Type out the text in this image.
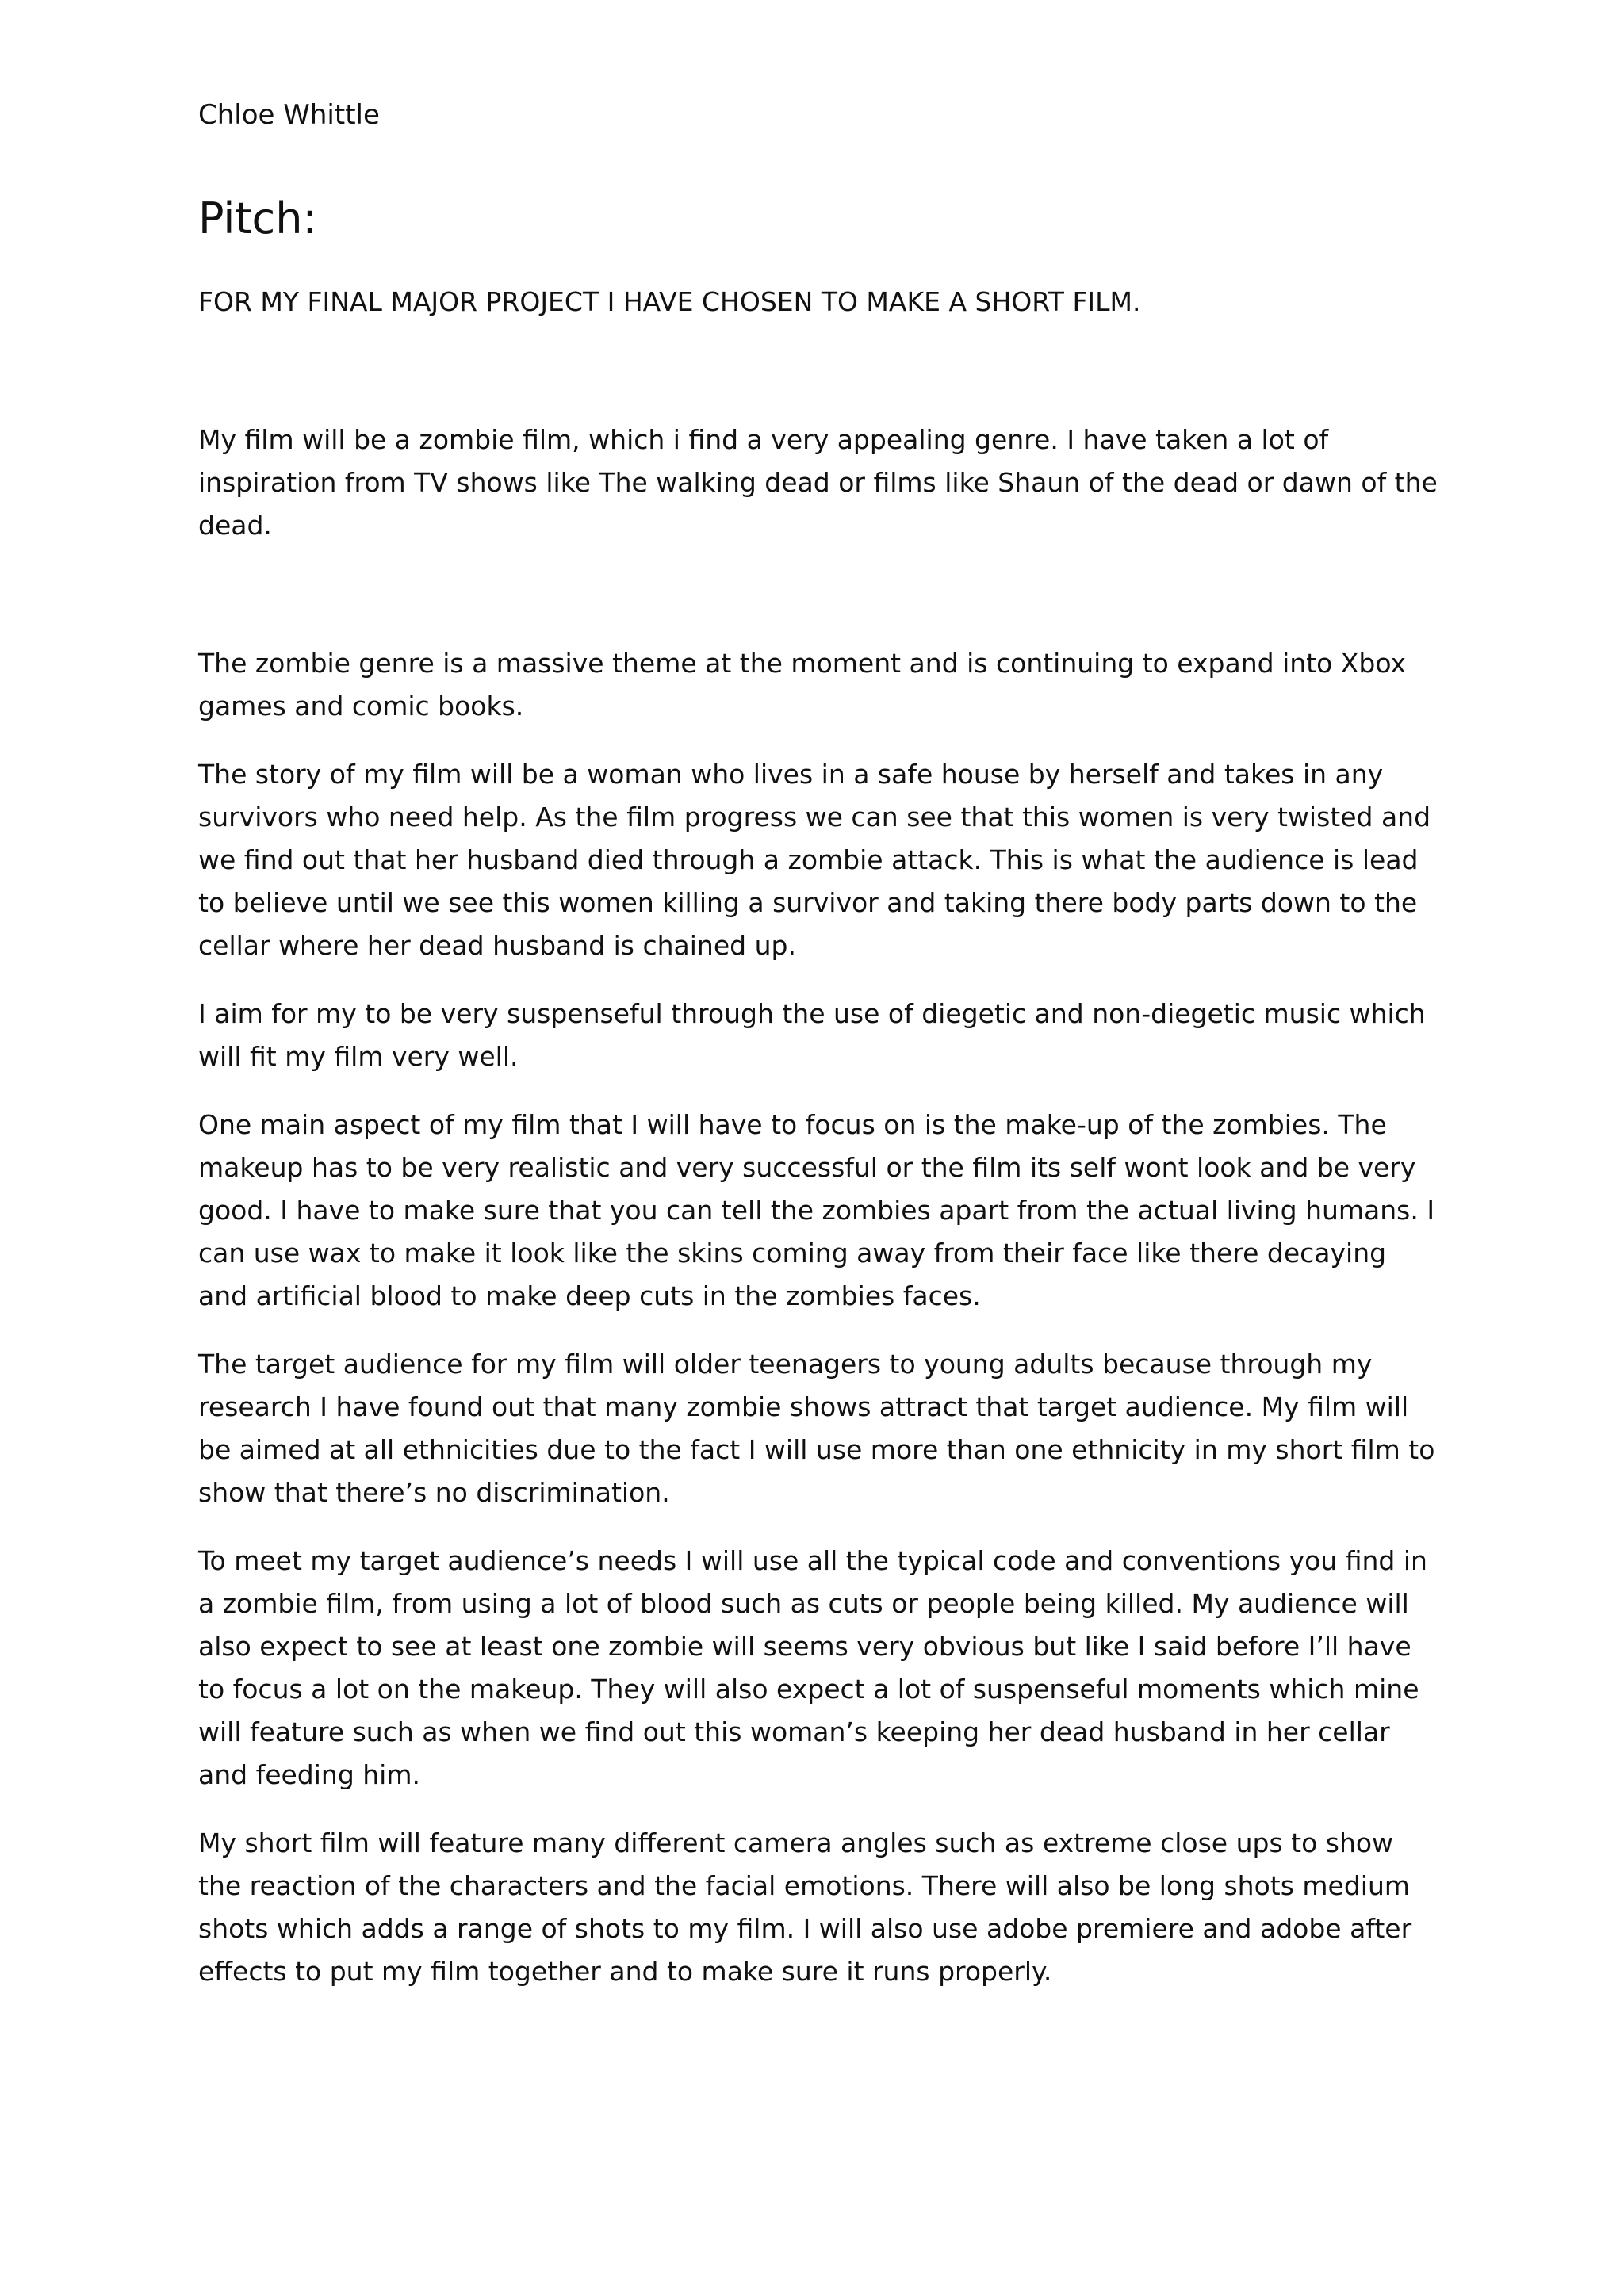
Chloe Whittle
Pitch:
FOR MY FINAL MAJOR PROJECT I HAVE CHOSEN TO MAKE A SHORT FILM.

My film will be a zombie film, which i find a very appealing genre. I have taken a lot of inspiration from TV shows like The walking dead or films like Shaun of the dead or dawn of the dead.

The zombie genre is a massive theme at the moment and is continuing to expand into Xbox games and comic books.

The story of my film will be a woman who lives in a safe house by herself and takes in any survivors who need help. As the film progress we can see that this women is very twisted and we find out that her husband died through a zombie attack. This is what the audience is lead to believe until we see this women killing a survivor and taking there body parts down to the cellar where her dead husband is chained up.

I aim for my to be very suspenseful through the use of diegetic and non-diegetic music which will fit my film very well.

One main aspect of my film that I will have to focus on is the make-up of the zombies. The makeup has to be very realistic and very successful or the film its self wont look and be very good. I have to make sure that you can tell the zombies apart from the actual living humans. I can use wax to make it look like the skins coming away from their face like there decaying and artificial blood to make deep cuts in the zombies faces.

The target audience for my film will older teenagers to young adults because through my research I have found out that many zombie shows attract that target audience. My film will be aimed at all ethnicities due to the fact I will use more than one ethnicity in my short film to show that there’s no discrimination.

To meet my target audience’s needs I will use all the typical code and conventions you find in a zombie film, from using a lot of blood such as cuts or people being killed. My audience will also expect to see at least one zombie will seems very obvious but like I said before I’ll have to focus a lot on the makeup. They will also expect a lot of suspenseful moments which mine will feature such as when we find out this woman’s keeping her dead husband in her cellar and feeding him.

My short film will feature many different camera angles such as extreme close ups to show the reaction of the characters and the facial emotions. There will also be long shots medium shots which adds a range of shots to my film. I will also use adobe premiere and adobe after effects to put my film together and to make sure it runs properly.
